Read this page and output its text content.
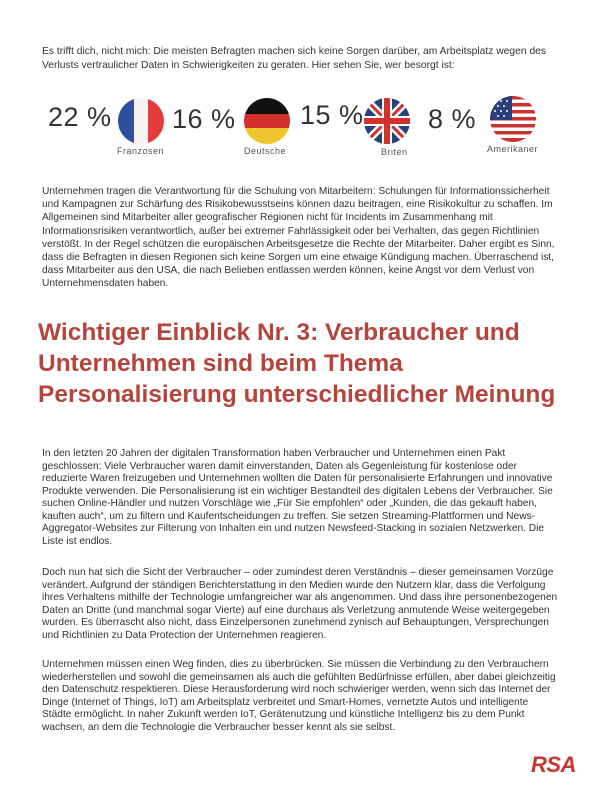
Es trifft dich, nicht mich: Die meisten Befragten machen sich keine Sorgen darüber, am Arbeitsplatz wegen des Verlusts vertraulicher Daten in Schwierigkeiten zu geraten. Hier sehen Sie, wer besorgt ist:
22 %
Franzosen
16 %
Deutsche
15 %
Briten
8 %
Amerikaner
Unternehmen tragen die Verantwortung für die Schulung von Mitarbeitern: Schulungen für Informationssicherheit und Kampagnen zur Schärfung des Risikobewusstseins können dazu beitragen, eine Risikokultur zu schaffen. Im Allgemeinen sind Mitarbeiter aller geografischer Regionen nicht für Incidents im Zusammenhang mit Informationsrisiken verantwortlich, außer bei extremer Fahrlässigkeit oder bei Verhalten, das gegen Richtlinien verstößt. In der Regel schützen die europäischen Arbeitsgesetze die Rechte der Mitarbeiter. Daher ergibt es Sinn, dass die Befragten in diesen Regionen sich keine Sorgen um eine etwaige Kündigung machen. Überraschend ist, dass Mitarbeiter aus den USA, die nach Belieben entlassen werden können, keine Angst vor dem Verlust von Unternehmensdaten haben.
Wichtiger Einblick Nr. 3: Verbraucher und Unternehmen sind beim Thema Personalisierung unterschiedlicher Meinung

In den letzten 20 Jahren der digitalen Transformation haben Verbraucher und Unternehmen einen Pakt geschlossen: Viele Verbraucher waren damit einverstanden, Daten als Gegenleistung für kostenlose oder reduzierte Waren freizugeben und Unternehmen wollten die Daten für personalisierte Erfahrungen und innovative Produkte verwenden. Die Personalisierung ist ein wichtiger Bestandteil des digitalen Lebens der Verbraucher. Sie suchen Online-Händler und nutzen Vorschläge wie „Für Sie empfohlen“ oder „Kunden, die das gekauft haben, kauften auch“, um zu filtern und Kaufentscheidungen zu treffen. Sie setzen Streaming-Plattformen und News-Aggregator-Websites zur Filterung von Inhalten ein und nutzen Newsfeed-Stacking in sozialen Netzwerken. Die Liste ist endlos.

Doch nun hat sich die Sicht der Verbraucher – oder zumindest deren Verständnis – dieser gemeinsamen Vorzüge verändert. Aufgrund der ständigen Berichterstattung in den Medien wurde den Nutzern klar, dass die Verfolgung ihres Verhaltens mithilfe der Technologie umfangreicher war als angenommen. Und dass ihre personenbezogenen Daten an Dritte (und manchmal sogar Vierte) auf eine durchaus als Verletzung anmutende Weise weitergegeben wurden. Es überrascht also nicht, dass Einzelpersonen zunehmend zynisch auf Behauptungen, Versprechungen und Richtlinien zu Data Protection der Unternehmen reagieren.

Unternehmen müssen einen Weg finden, dies zu überbrücken. Sie müssen die Verbindung zu den Verbrauchern wiederherstellen und sowohl die gemeinsamen als auch die gefühlten Bedürfnisse erfüllen, aber dabei gleichzeitig den Datenschutz respektieren. Diese Herausforderung wird noch schwieriger werden, wenn sich das Internet der Dinge (Internet of Things, IoT) am Arbeitsplatz verbreitet und Smart-Homes, vernetzte Autos und intelligente Städte ermöglicht. In naher Zukunft werden IoT, Gerätenutzung und künstliche Intelligenz bis zu dem Punkt wachsen, an dem die Technologie die Verbraucher besser kennt als sie selbst.

RSA
